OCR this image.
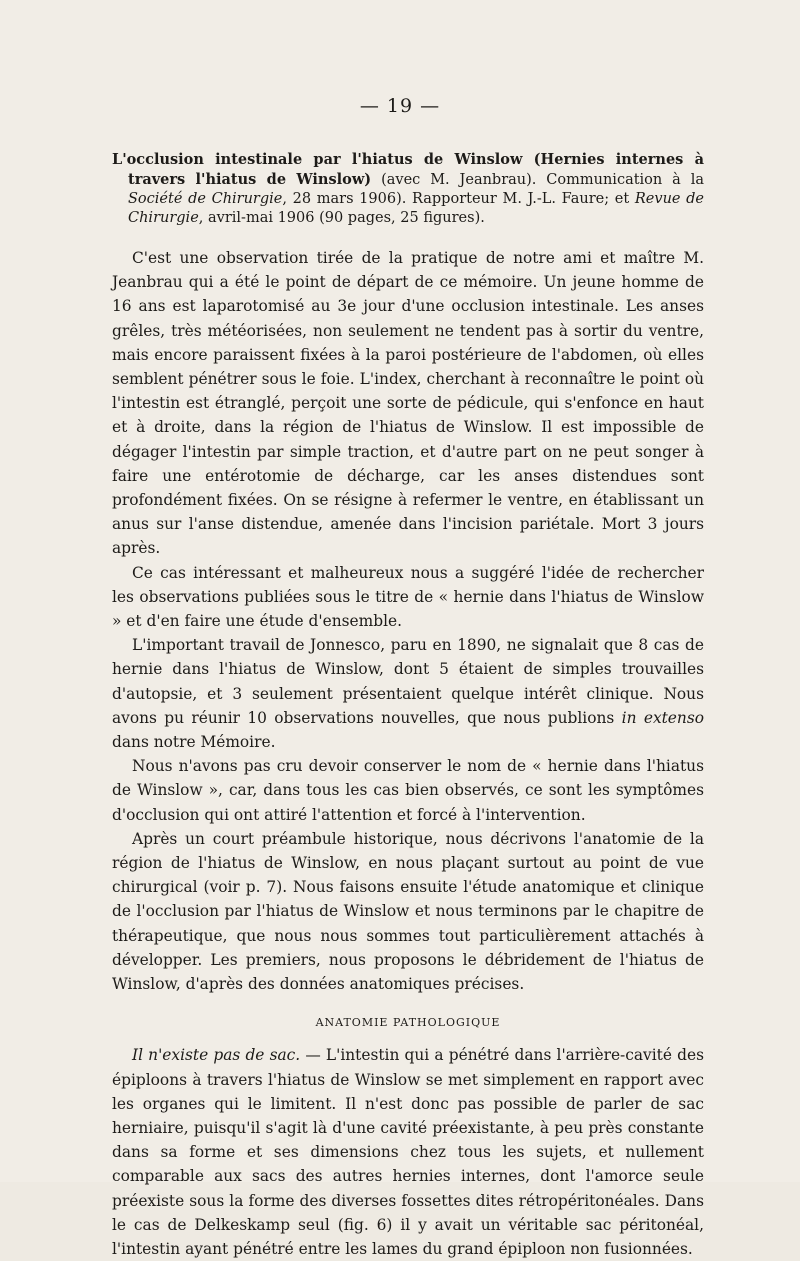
— 19 —

L'occlusion intestinale par l'hiatus de Winslow (Hernies internes à travers l'hiatus de Winslow) (avec M. Jeanbrau). Communication à la Société de Chirurgie, 28 mars 1906). Rapporteur M. J.-L. Faure; et Revue de Chirurgie, avril-mai 1906 (90 pages, 25 figures).

C'est une observation tirée de la pratique de notre ami et maître M. Jeanbrau qui a été le point de départ de ce mémoire. Un jeune homme de 16 ans est laparotomisé au 3e jour d'une occlusion intestinale. Les anses grêles, très météorisées, non seulement ne tendent pas à sortir du ventre, mais encore paraissent fixées à la paroi postérieure de l'abdomen, où elles semblent pénétrer sous le foie. L'index, cherchant à reconnaître le point où l'intestin est étranglé, perçoit une sorte de pédicule, qui s'enfonce en haut et à droite, dans la région de l'hiatus de Winslow. Il est impossible de dégager l'intestin par simple traction, et d'autre part on ne peut songer à faire une entérotomie de décharge, car les anses distendues sont profondément fixées. On se résigne à refermer le ventre, en établissant un anus sur l'anse distendue, amenée dans l'incision pariétale. Mort 3 jours après.

Ce cas intéressant et malheureux nous a suggéré l'idée de rechercher les observations publiées sous le titre de « hernie dans l'hiatus de Winslow » et d'en faire une étude d'ensemble.

L'important travail de Jonnesco, paru en 1890, ne signalait que 8 cas de hernie dans l'hiatus de Winslow, dont 5 étaient de simples trouvailles d'autopsie, et 3 seulement présentaient quelque intérêt clinique. Nous avons pu réunir 10 observations nouvelles, que nous publions in extenso dans notre Mémoire.

Nous n'avons pas cru devoir conserver le nom de « hernie dans l'hiatus de Winslow », car, dans tous les cas bien observés, ce sont les symptômes d'occlusion qui ont attiré l'attention et forcé à l'intervention.

Après un court préambule historique, nous décrivons l'anatomie de la région de l'hiatus de Winslow, en nous plaçant surtout au point de vue chirurgical (voir p. 7). Nous faisons ensuite l'étude anatomique et clinique de l'occlusion par l'hiatus de Winslow et nous terminons par le chapitre de thérapeutique, que nous nous sommes tout particulièrement attachés à développer. Les premiers, nous proposons le débridement de l'hiatus de Winslow, d'après des données anatomiques précises.

ANATOMIE PATHOLOGIQUE

Il n'existe pas de sac. — L'intestin qui a pénétré dans l'arrière-cavité des épiploons à travers l'hiatus de Winslow se met simplement en rapport avec les organes qui le limitent. Il n'est donc pas possible de parler de sac herniaire, puisqu'il s'agit là d'une cavité préexistante, à peu près constante dans sa forme et ses dimensions chez tous les sujets, et nullement comparable aux sacs des autres hernies internes, dont l'amorce seule préexiste sous la forme des diverses fossettes dites rétropéritonéales. Dans le cas de Delkeskamp seul (fig. 6) il y avait un véritable sac péritonéal, l'intestin ayant pénétré entre les lames du grand épiploon non fusionnées.
